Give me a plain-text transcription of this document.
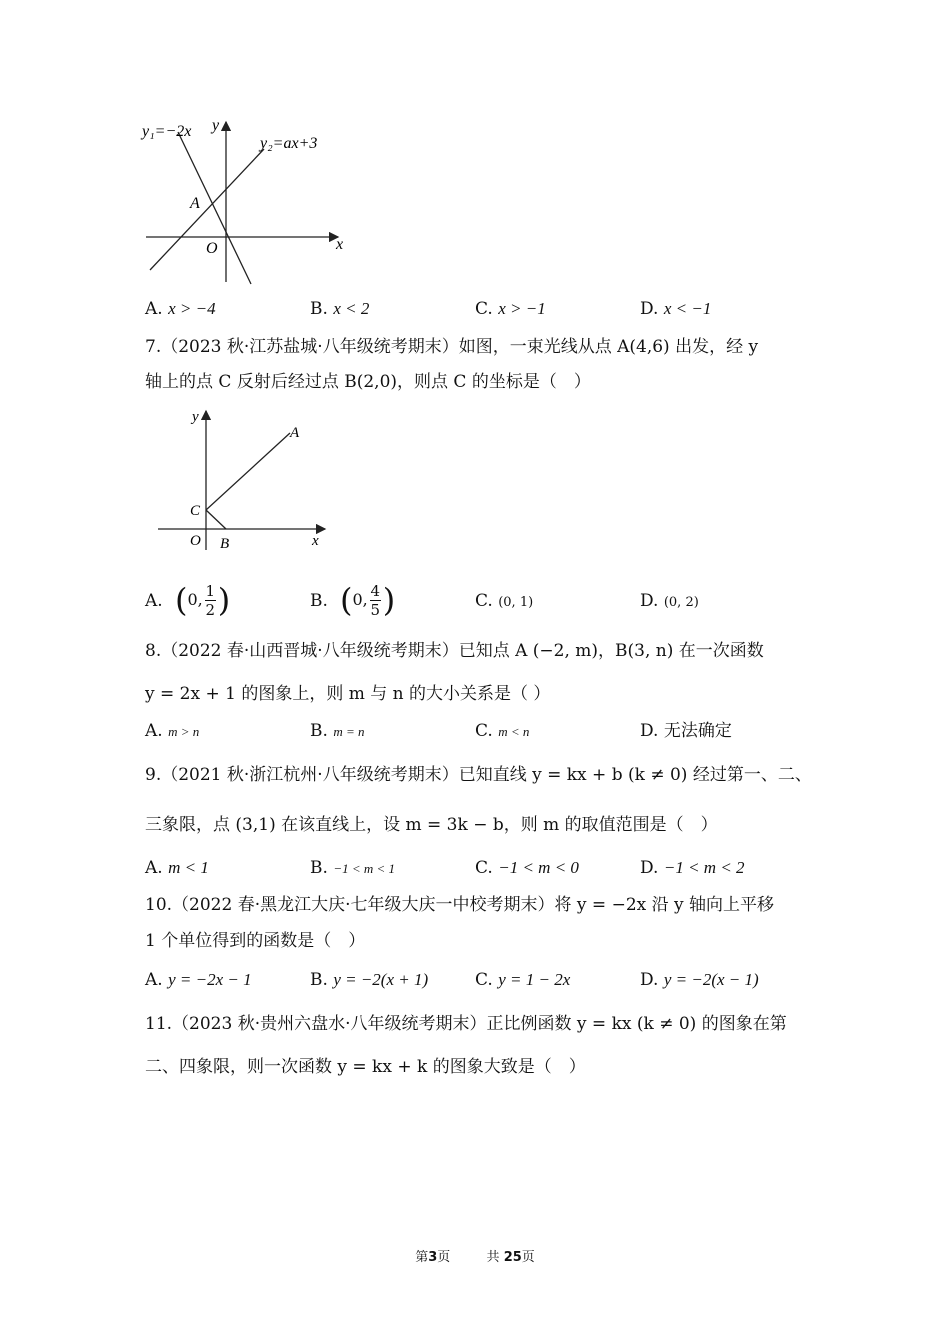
y₁=−2x
y₂=ax+3
y
x
O
A
A. x > −4	B. x < 2	C. x > −1	D. x < −1
7.（2023 秋·江苏盐城·八年级统考期末）如图，一束光线从点 A(4,6) 出发，经 y
轴上的点 C 反射后经过点 B(2,0)，则点 C 的坐标是（　）
y
x
A
C
O B
A. ( 0, 1
2 )	B. ( 0, 4
5 )	C. (0, 1)	D. (0, 2)
8.（2022 春·山西晋城·八年级统考期末）已知点 A (−2, m)，B(3, n) 在一次函数
y = 2x + 1 的图象上，则 m 与 n 的大小关系是（ ）
A. m > n	B. m = n	C. m < n	D. 无法确定
9.（2021 秋·浙江杭州·八年级统考期末）已知直线 y = kx + b (k ≠ 0) 经过第一、二、
三象限，点 (3,1) 在该直线上，设 m = 3k − b，则 m 的取值范围是（　）
A. m < 1	B. −1 < m < 1	C. −1 < m < 0	D. −1 < m < 2
10.（2022 春·黑龙江大庆·七年级大庆一中校考期末）将 y = −2x 沿 y 轴向上平移
1 个单位得到的函数是（　）
A. y = −2x − 1	B. y = −2(x + 1)	C. y = 1 − 2x	D. y = −2(x − 1)
11.（2023 秋·贵州六盘水·八年级统考期末）正比例函数 y = kx (k ≠ 0) 的图象在第
二、四象限，则一次函数 y = kx + k 的图象大致是（　）
第3页	共 25页
